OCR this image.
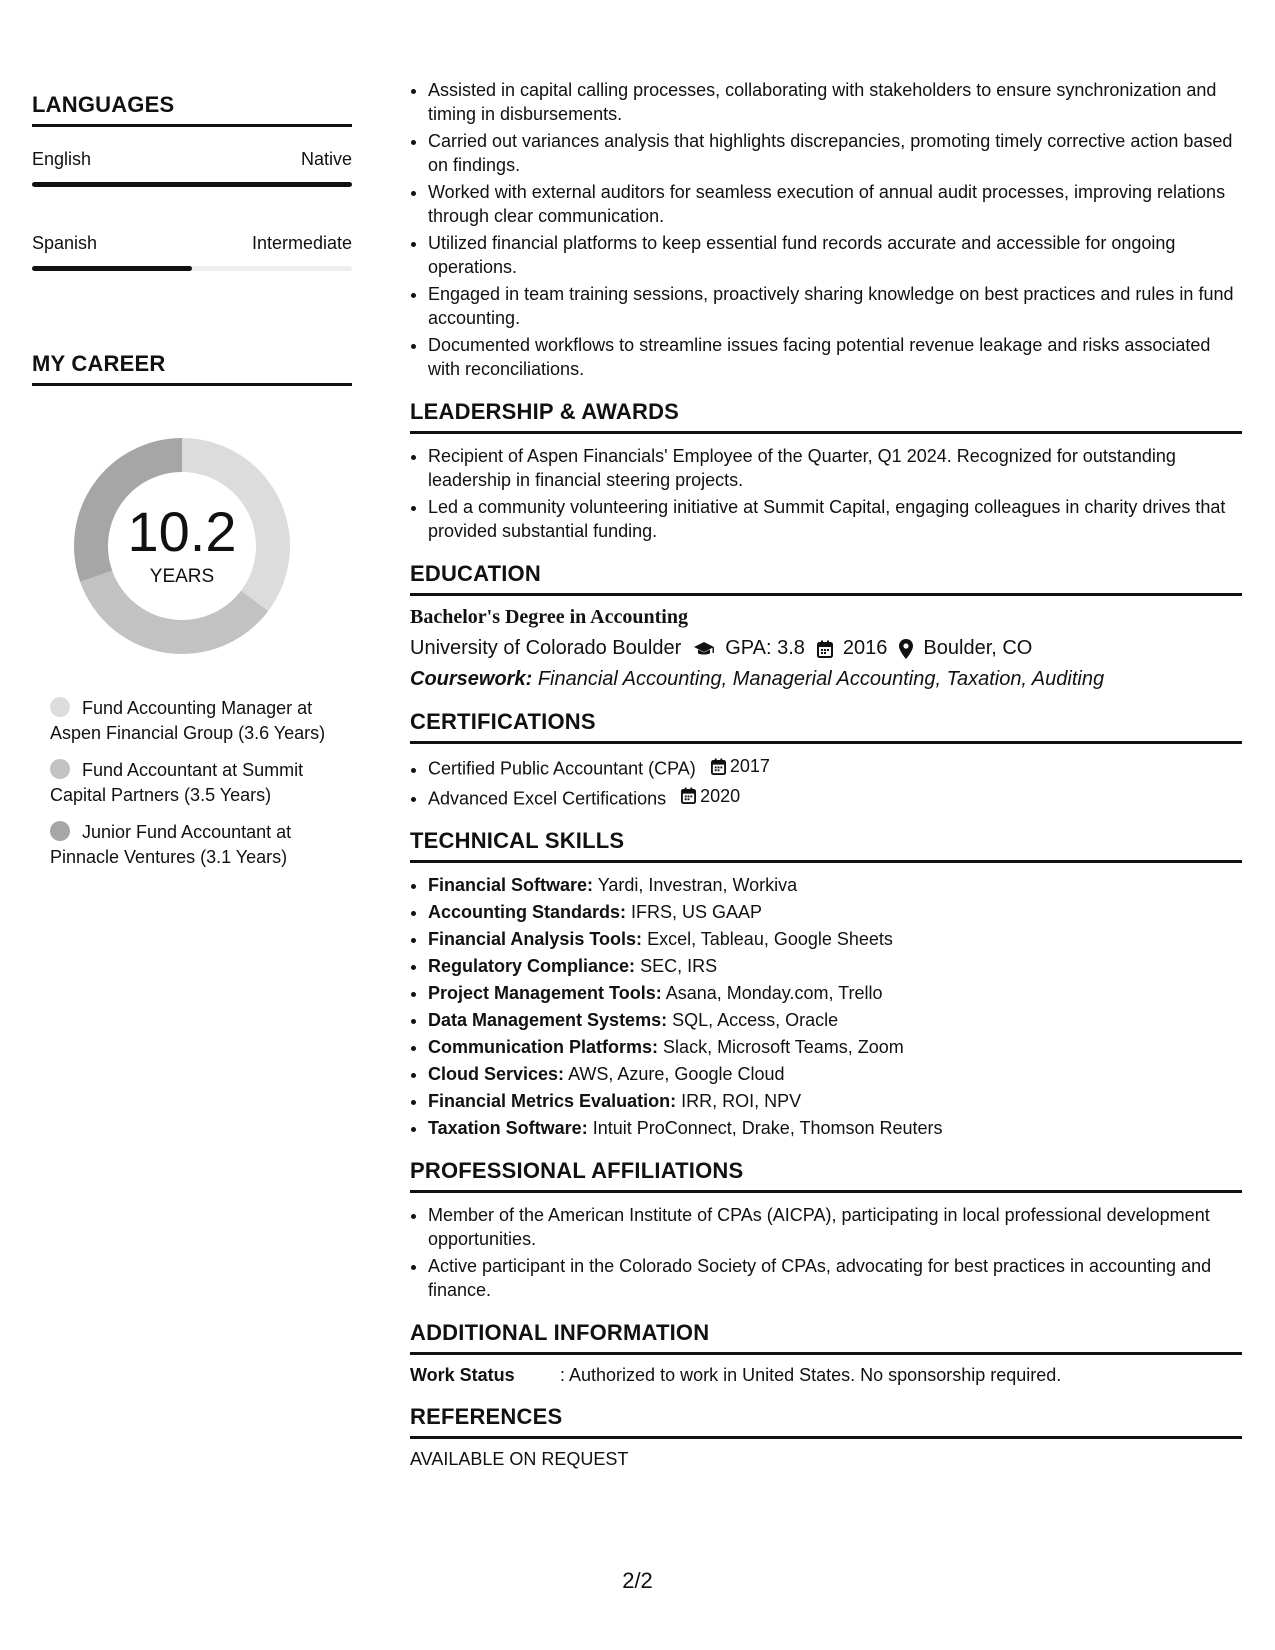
LANGUAGES
English	Native
Spanish	Intermediate
MY CAREER
10.2
YEARS
Fund Accounting Manager at Aspen Financial Group (3.6 Years)
Fund Accountant at Summit Capital Partners (3.5 Years)
Junior Fund Accountant at Pinnacle Ventures (3.1 Years)
• Assisted in capital calling processes, collaborating with stakeholders to ensure synchronization and timing in disbursements.
• Carried out variances analysis that highlights discrepancies, promoting timely corrective action based on findings.
• Worked with external auditors for seamless execution of annual audit processes, improving relations through clear communication.
• Utilized financial platforms to keep essential fund records accurate and accessible for ongoing operations.
• Engaged in team training sessions, proactively sharing knowledge on best practices and rules in fund accounting.
• Documented workflows to streamline issues facing potential revenue leakage and risks associated with reconciliations.
LEADERSHIP & AWARDS
• Recipient of Aspen Financials' Employee of the Quarter, Q1 2024. Recognized for outstanding leadership in financial steering projects.
• Led a community volunteering initiative at Summit Capital, engaging colleagues in charity drives that provided substantial funding.
EDUCATION
Bachelor's Degree in Accounting
University of Colorado Boulder GPA: 3.8 2016 Boulder, CO
Coursework: Financial Accounting, Managerial Accounting, Taxation, Auditing
CERTIFICATIONS
• Certified Public Accountant (CPA) 2017
• Advanced Excel Certifications 2020
TECHNICAL SKILLS
• Financial Software: Yardi, Investran, Workiva
• Accounting Standards: IFRS, US GAAP
• Financial Analysis Tools: Excel, Tableau, Google Sheets
• Regulatory Compliance: SEC, IRS
• Project Management Tools: Asana, Monday.com, Trello
• Data Management Systems: SQL, Access, Oracle
• Communication Platforms: Slack, Microsoft Teams, Zoom
• Cloud Services: AWS, Azure, Google Cloud
• Financial Metrics Evaluation: IRR, ROI, NPV
• Taxation Software: Intuit ProConnect, Drake, Thomson Reuters
PROFESSIONAL AFFILIATIONS
• Member of the American Institute of CPAs (AICPA), participating in local professional development opportunities.
• Active participant in the Colorado Society of CPAs, advocating for best practices in accounting and finance.
ADDITIONAL INFORMATION
Work Status	: Authorized to work in United States. No sponsorship required.
REFERENCES
AVAILABLE ON REQUEST
2/2
